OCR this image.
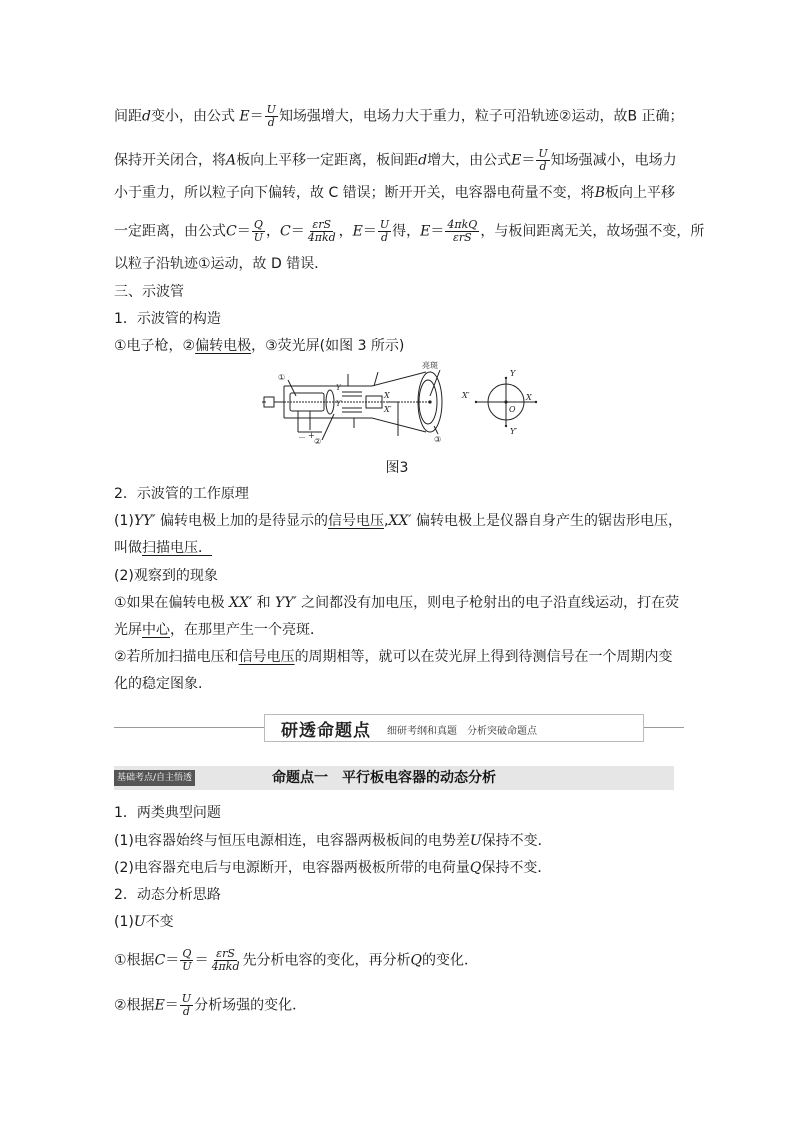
间距d变小，由公式 $E= \frac{U}{d}$ 知场强增大，电场力大于重力，粒子可沿轨迹②运动，故B 正确；
保持开关闭合，将A板向上平移一定距离，板间距d增大，由公式$E= \frac{U}{d}$ 知场强减小，电场力
小于重力，所以粒子向下偏转，故 C 错误；断开开关，电容器电荷量不变，将B板向上平移
一定距离，由公式$C= \frac{Q}{U}$ ，$C= \frac{\text{εrS}}{\text{4πkd}}$ ，$E= \frac{U}{d}$ 得，$E= \frac{\text{4πkQ}}{\text{εrS}}$ ，与板间距离无关，故场强不变，所
以粒子沿轨迹①运动，故 D 错误．
三、示波管
1．示波管的构造
①电子枪，②偏转电极，③荧光屏(如图 3 所示)
①
②	③
亮斑
－ +
X
X′
X′
Y
Y′
O
X
Y
Y′
图3
2．示波管的工作原理
(1)YY′ 偏转电极上加的是待显示的信号电压,XX′ 偏转电极上是仪器自身产生的锯齿形电压，
叫做扫描电压．
(2)观察到的现象
①如果在偏转电极 XX′ 和 YY′ 之间都没有加电压，则电子枪射出的电子沿直线运动，打在荧
光屏中心，在那里产生一个亮斑．
②若所加扫描电压和信号电压的周期相等，就可以在荧光屏上得到待测信号在一个周期内变
化的稳定图象.
研透命题点 细研考纲和真题　分析突破命题点
基础考点/自主悟透	命题点一　平行板电容器的动态分析
1．两类典型问题
(1)电容器始终与恒压电源相连，电容器两极板间的电势差U保持不变．
(2)电容器充电后与电源断开，电容器两极板所带的电荷量Q保持不变．
2．动态分析思路
(1)U不变
①根据$C= \frac{Q}{U} = \frac{\text{εrS}}{\text{4πkd}}$ 先分析电容的变化，再分析Q的变化．
②根据$E= \frac{U}{d}$ 分析场强的变化．
